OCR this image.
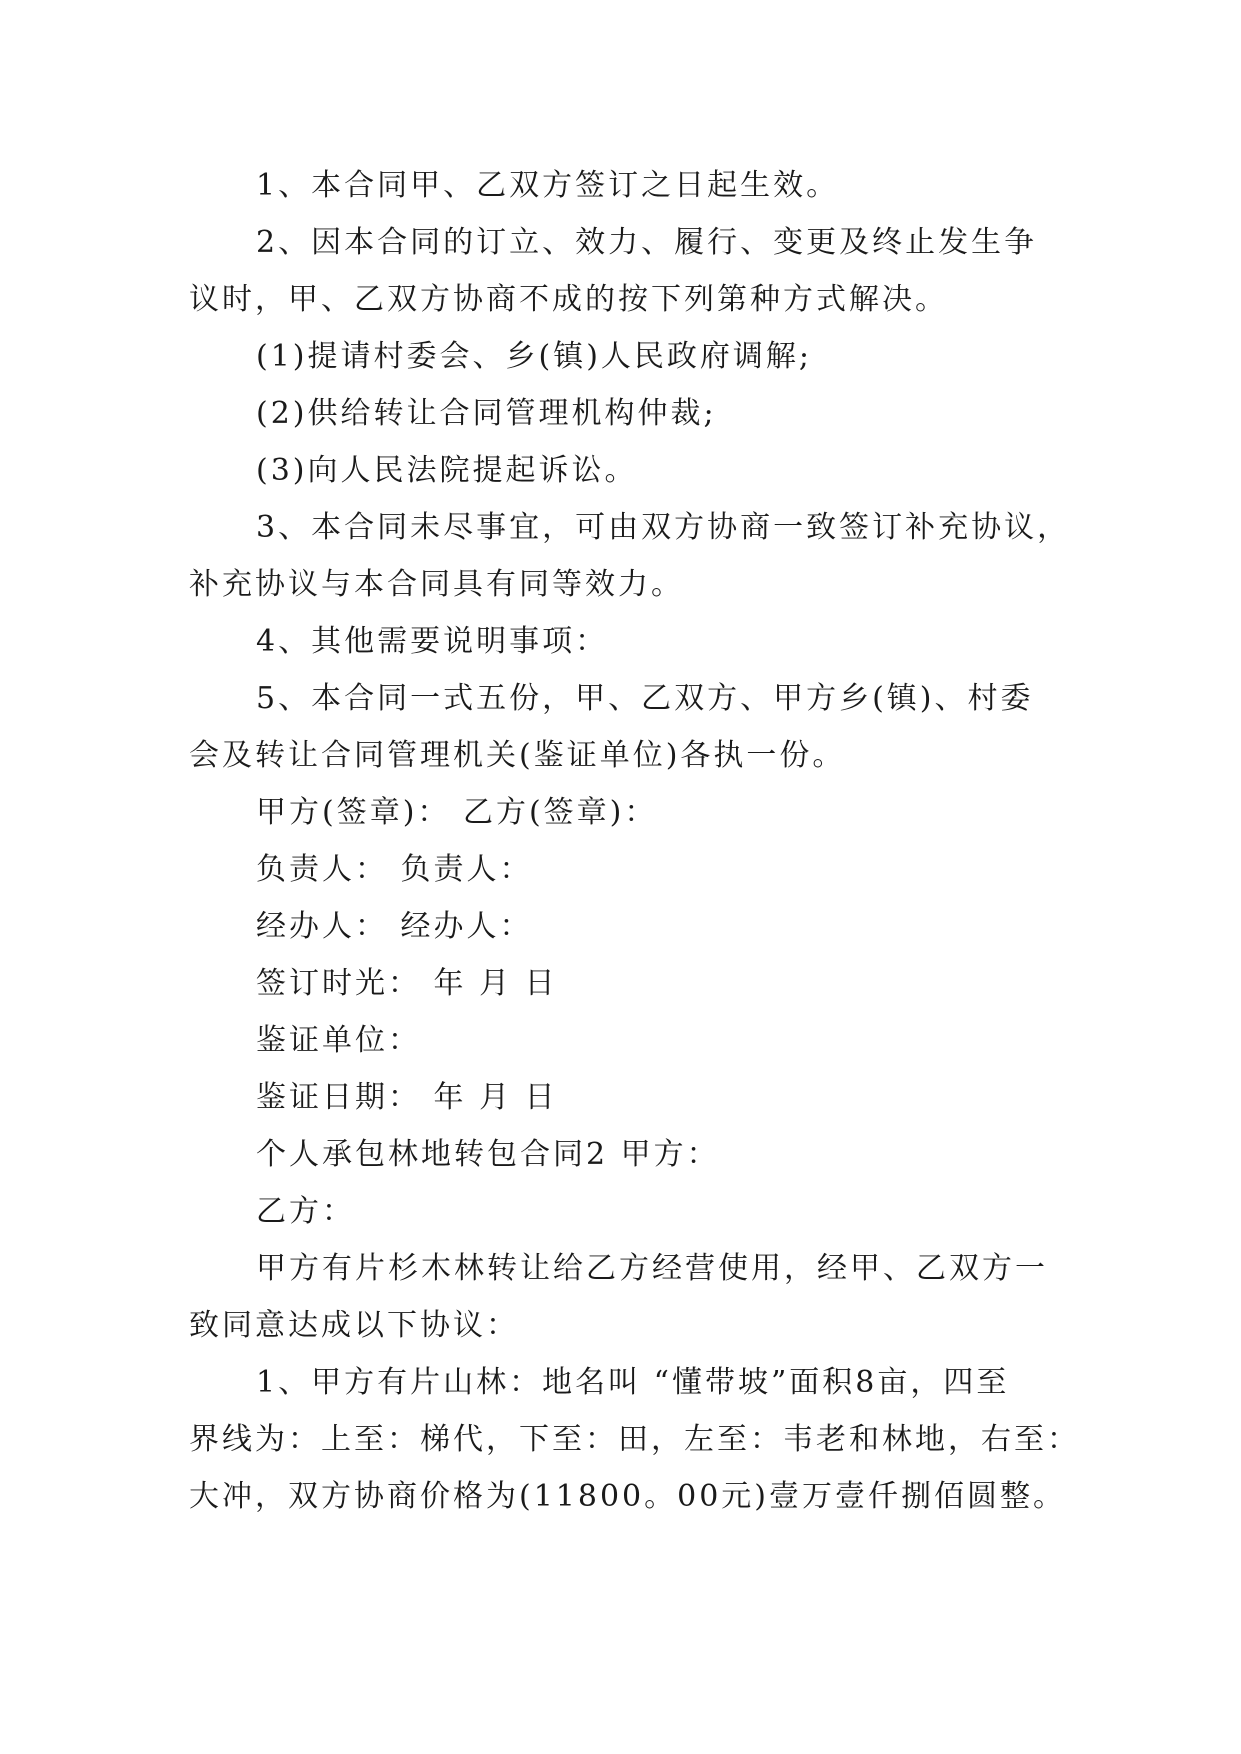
1、本合同甲、乙双方签订之日起生效。

2、因本合同的订立、效力、履行、变更及终止发生争

议时，甲、乙双方协商不成的按下列第种方式解决。

(1)提请村委会、乡(镇)人民政府调解;

(2)供给转让合同管理机构仲裁;

(3)向人民法院提起诉讼。

3、本合同未尽事宜，可由双方协商一致签订补充协议，

补充协议与本合同具有同等效力。

4、其他需要说明事项：

5、本合同一式五份，甲、乙双方、甲方乡(镇)、村委

会及转让合同管理机关(鉴证单位)各执一份。

甲方(签章)： 乙方(签章)：

负责人： 负责人：

经办人： 经办人：

签订时光： 年 月 日

鉴证单位：

鉴证日期： 年 月 日

个人承包林地转包合同2 甲方：

乙方：

甲方有片杉木林转让给乙方经营使用，经甲、乙双方一

致同意达成以下协议：

1、甲方有片山林：地名叫 “懂带坡”面积8亩，四至

界线为：上至：梯代，下至：田，左至：韦老和林地，右至：

大冲，双方协商价格为(11800。00元)壹万壹仟捌佰圆整。
